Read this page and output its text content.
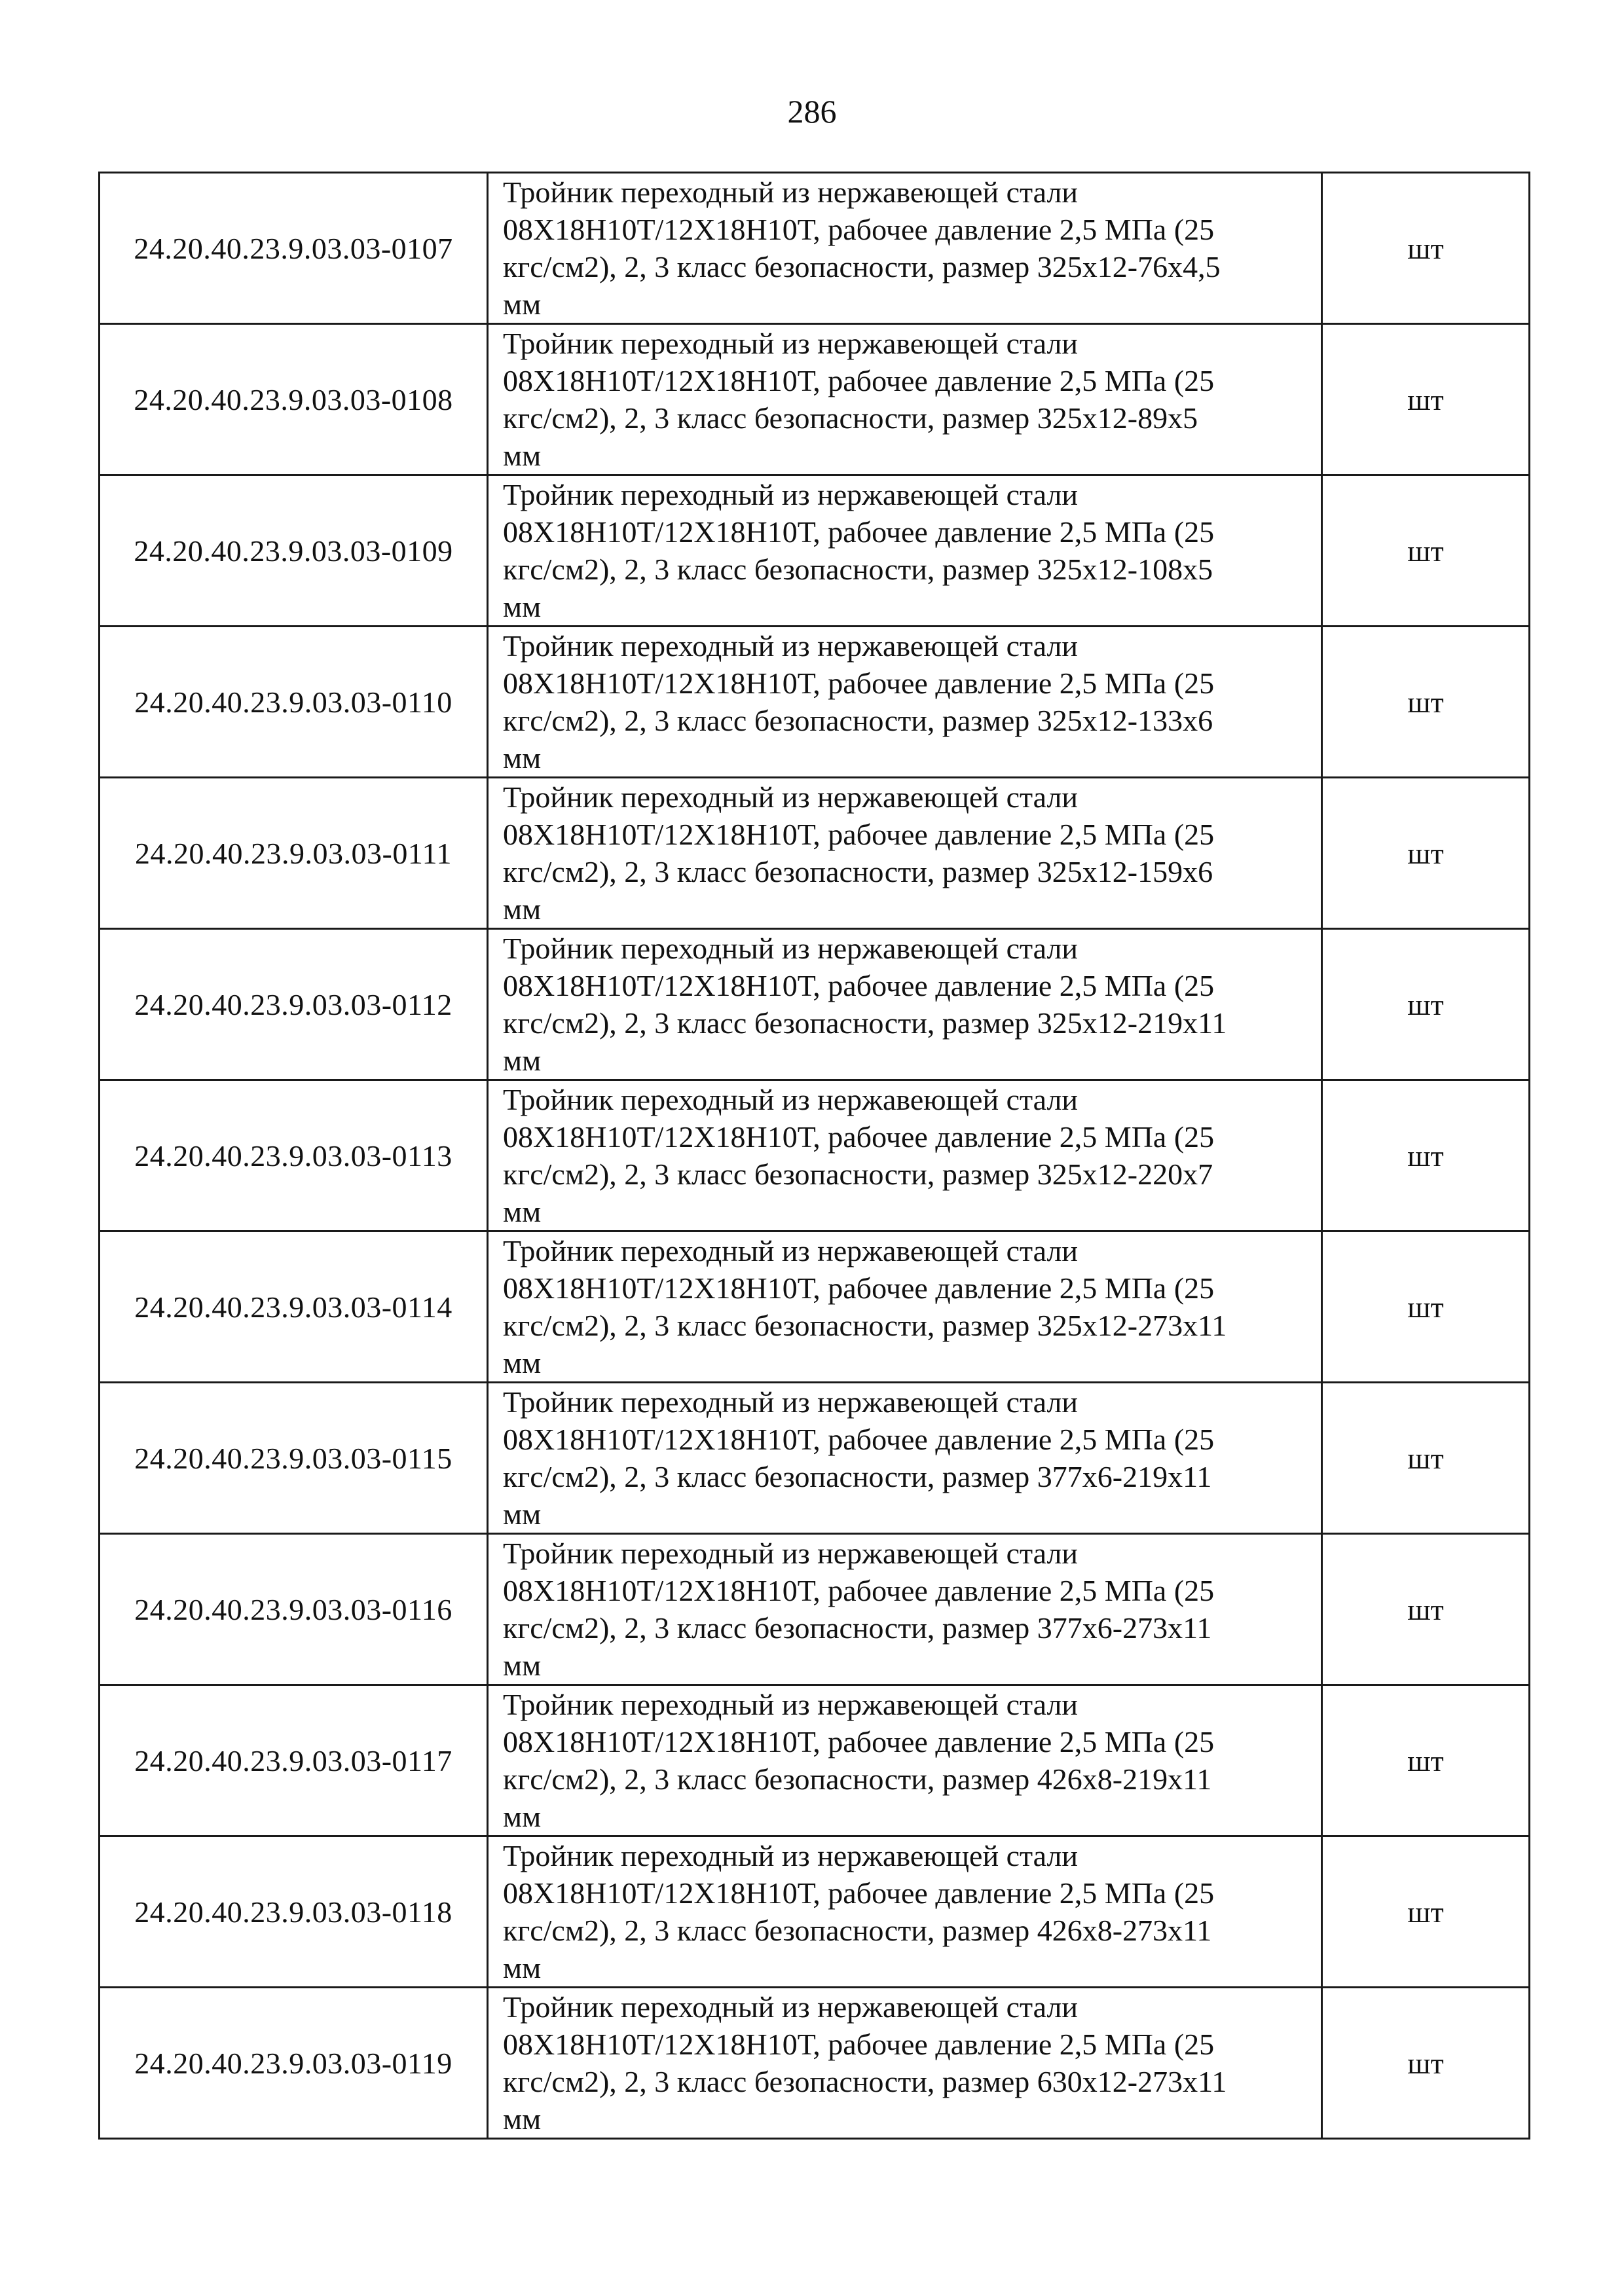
286
24.20.40.23.9.03.03-0107	Тройник переходный из нержавеющей стали
08Х18Н10Т/12Х18Н10Т, рабочее давление 2,5 МПа (25
кгс/см2), 2, 3 класс безопасности, размер 325x12-76x4,5
мм	шт
24.20.40.23.9.03.03-0108	Тройник переходный из нержавеющей стали
08Х18Н10Т/12Х18Н10Т, рабочее давление 2,5 МПа (25
кгс/см2), 2, 3 класс безопасности, размер 325x12-89x5
мм	шт
24.20.40.23.9.03.03-0109	Тройник переходный из нержавеющей стали
08Х18Н10Т/12Х18Н10Т, рабочее давление 2,5 МПа (25
кгс/см2), 2, 3 класс безопасности, размер 325x12-108x5
мм	шт
24.20.40.23.9.03.03-0110	Тройник переходный из нержавеющей стали
08Х18Н10Т/12Х18Н10Т, рабочее давление 2,5 МПа (25
кгс/см2), 2, 3 класс безопасности, размер 325x12-133x6
мм	шт
24.20.40.23.9.03.03-0111	Тройник переходный из нержавеющей стали
08Х18Н10Т/12Х18Н10Т, рабочее давление 2,5 МПа (25
кгс/см2), 2, 3 класс безопасности, размер 325x12-159x6
мм	шт
24.20.40.23.9.03.03-0112	Тройник переходный из нержавеющей стали
08Х18Н10Т/12Х18Н10Т, рабочее давление 2,5 МПа (25
кгс/см2), 2, 3 класс безопасности, размер 325x12-219x11
мм	шт
24.20.40.23.9.03.03-0113	Тройник переходный из нержавеющей стали
08Х18Н10Т/12Х18Н10Т, рабочее давление 2,5 МПа (25
кгс/см2), 2, 3 класс безопасности, размер 325x12-220x7
мм	шт
24.20.40.23.9.03.03-0114	Тройник переходный из нержавеющей стали
08Х18Н10Т/12Х18Н10Т, рабочее давление 2,5 МПа (25
кгс/см2), 2, 3 класс безопасности, размер 325x12-273x11
мм	шт
24.20.40.23.9.03.03-0115	Тройник переходный из нержавеющей стали
08Х18Н10Т/12Х18Н10Т, рабочее давление 2,5 МПа (25
кгс/см2), 2, 3 класс безопасности, размер 377x6-219x11
мм	шт
24.20.40.23.9.03.03-0116	Тройник переходный из нержавеющей стали
08Х18Н10Т/12Х18Н10Т, рабочее давление 2,5 МПа (25
кгс/см2), 2, 3 класс безопасности, размер 377x6-273x11
мм	шт
24.20.40.23.9.03.03-0117	Тройник переходный из нержавеющей стали
08Х18Н10Т/12Х18Н10Т, рабочее давление 2,5 МПа (25
кгс/см2), 2, 3 класс безопасности, размер 426x8-219x11
мм	шт
24.20.40.23.9.03.03-0118	Тройник переходный из нержавеющей стали
08Х18Н10Т/12Х18Н10Т, рабочее давление 2,5 МПа (25
кгс/см2), 2, 3 класс безопасности, размер 426x8-273x11
мм	шт
24.20.40.23.9.03.03-0119	Тройник переходный из нержавеющей стали
08Х18Н10Т/12Х18Н10Т, рабочее давление 2,5 МПа (25
кгс/см2), 2, 3 класс безопасности, размер 630x12-273x11
мм	шт
